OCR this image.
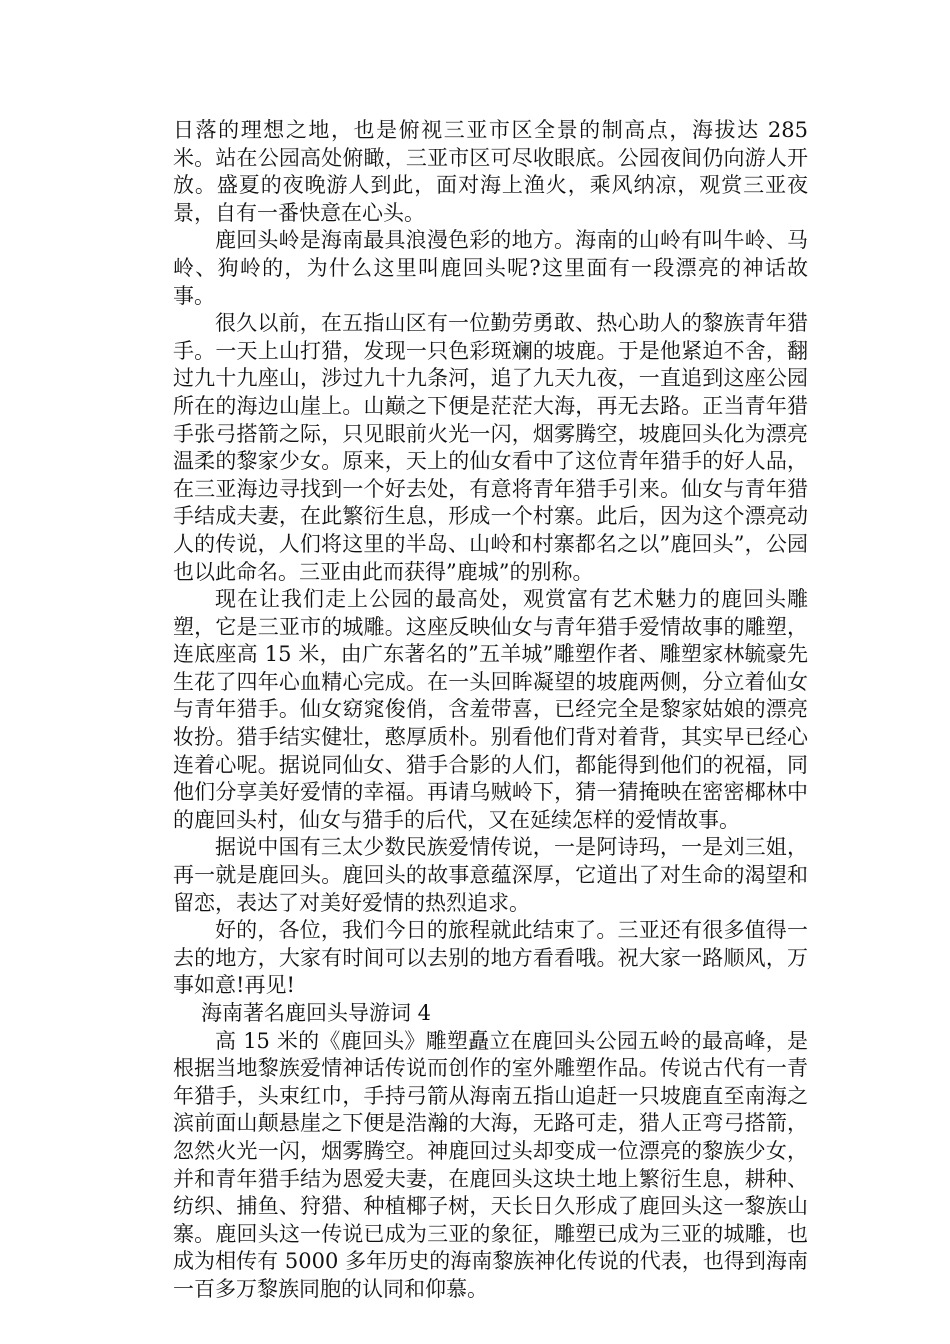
日落的理想之地，也是俯视三亚市区全景的制高点，海拔达 285 米。站在公园高处俯瞰，三亚市区可尽收眼底。公园夜间仍向游人开放。盛夏的夜晚游人到此，面对海上渔火，乘风纳凉，观赏三亚夜景，自有一番快意在心头。

鹿回头岭是海南最具浪漫色彩的地方。海南的山岭有叫牛岭、马岭、狗岭的，为什么这里叫鹿回头呢?这里面有一段漂亮的神话故事。

很久以前，在五指山区有一位勤劳勇敢、热心助人的黎族青年猎手。一天上山打猎，发现一只色彩斑斓的坡鹿。于是他紧迫不舍，翻过九十九座山，涉过九十九条河，追了九天九夜，一直追到这座公园所在的海边山崖上。山巅之下便是茫茫大海，再无去路。正当青年猎手张弓搭箭之际，只见眼前火光一闪，烟雾腾空，坡鹿回头化为漂亮温柔的黎家少女。原来，天上的仙女看中了这位青年猎手的好人品，在三亚海边寻找到一个好去处，有意将青年猎手引来。仙女与青年猎手结成夫妻，在此繁衍生息，形成一个村寨。此后，因为这个漂亮动人的传说，人们将这里的半岛、山岭和村寨都名之以”鹿回头”，公园也以此命名。三亚由此而获得”鹿城”的别称。

现在让我们走上公园的最高处，观赏富有艺术魅力的鹿回头雕塑，它是三亚市的城雕。这座反映仙女与青年猎手爱情故事的雕塑，连底座高 15 米，由广东著名的”五羊城”雕塑作者、雕塑家林毓豪先生花了四年心血精心完成。在一头回眸凝望的坡鹿两侧，分立着仙女与青年猎手。仙女窈窕俊俏，含羞带喜，已经完全是黎家姑娘的漂亮妆扮。猎手结实健壮，憨厚质朴。别看他们背对着背，其实早已经心连着心呢。据说同仙女、猎手合影的人们，都能得到他们的祝福，同他们分享美好爱情的幸福。再请乌贼岭下，猜一猜掩映在密密椰林中的鹿回头村，仙女与猎手的后代，又在延续怎样的爱情故事。

据说中国有三太少数民族爱情传说，一是阿诗玛，一是刘三姐，再一就是鹿回头。鹿回头的故事意蕴深厚，它道出了对生命的渴望和留恋，表达了对美好爱情的热烈追求。

好的，各位，我们今日的旅程就此结束了。三亚还有很多值得一去的地方，大家有时间可以去别的地方看看哦。祝大家一路顺风，万事如意!再见!

海南著名鹿回头导游词 4

高 15 米的《鹿回头》雕塑矗立在鹿回头公园五岭的最高峰，是根据当地黎族爱情神话传说而创作的室外雕塑作品。传说古代有一青年猎手，头束红巾，手持弓箭从海南五指山追赶一只坡鹿直至南海之滨前面山颠悬崖之下便是浩瀚的大海，无路可走，猎人正弯弓搭箭，忽然火光一闪，烟雾腾空。神鹿回过头却变成一位漂亮的黎族少女，并和青年猎手结为恩爱夫妻，在鹿回头这块土地上繁衍生息，耕种、纺织、捕鱼、狩猎、种植椰子树，天长日久形成了鹿回头这一黎族山寨。鹿回头这一传说已成为三亚的象征，雕塑已成为三亚的城雕，也成为相传有 5000 多年历史的海南黎族神化传说的代表，也得到海南一百多万黎族同胞的认同和仰慕。
